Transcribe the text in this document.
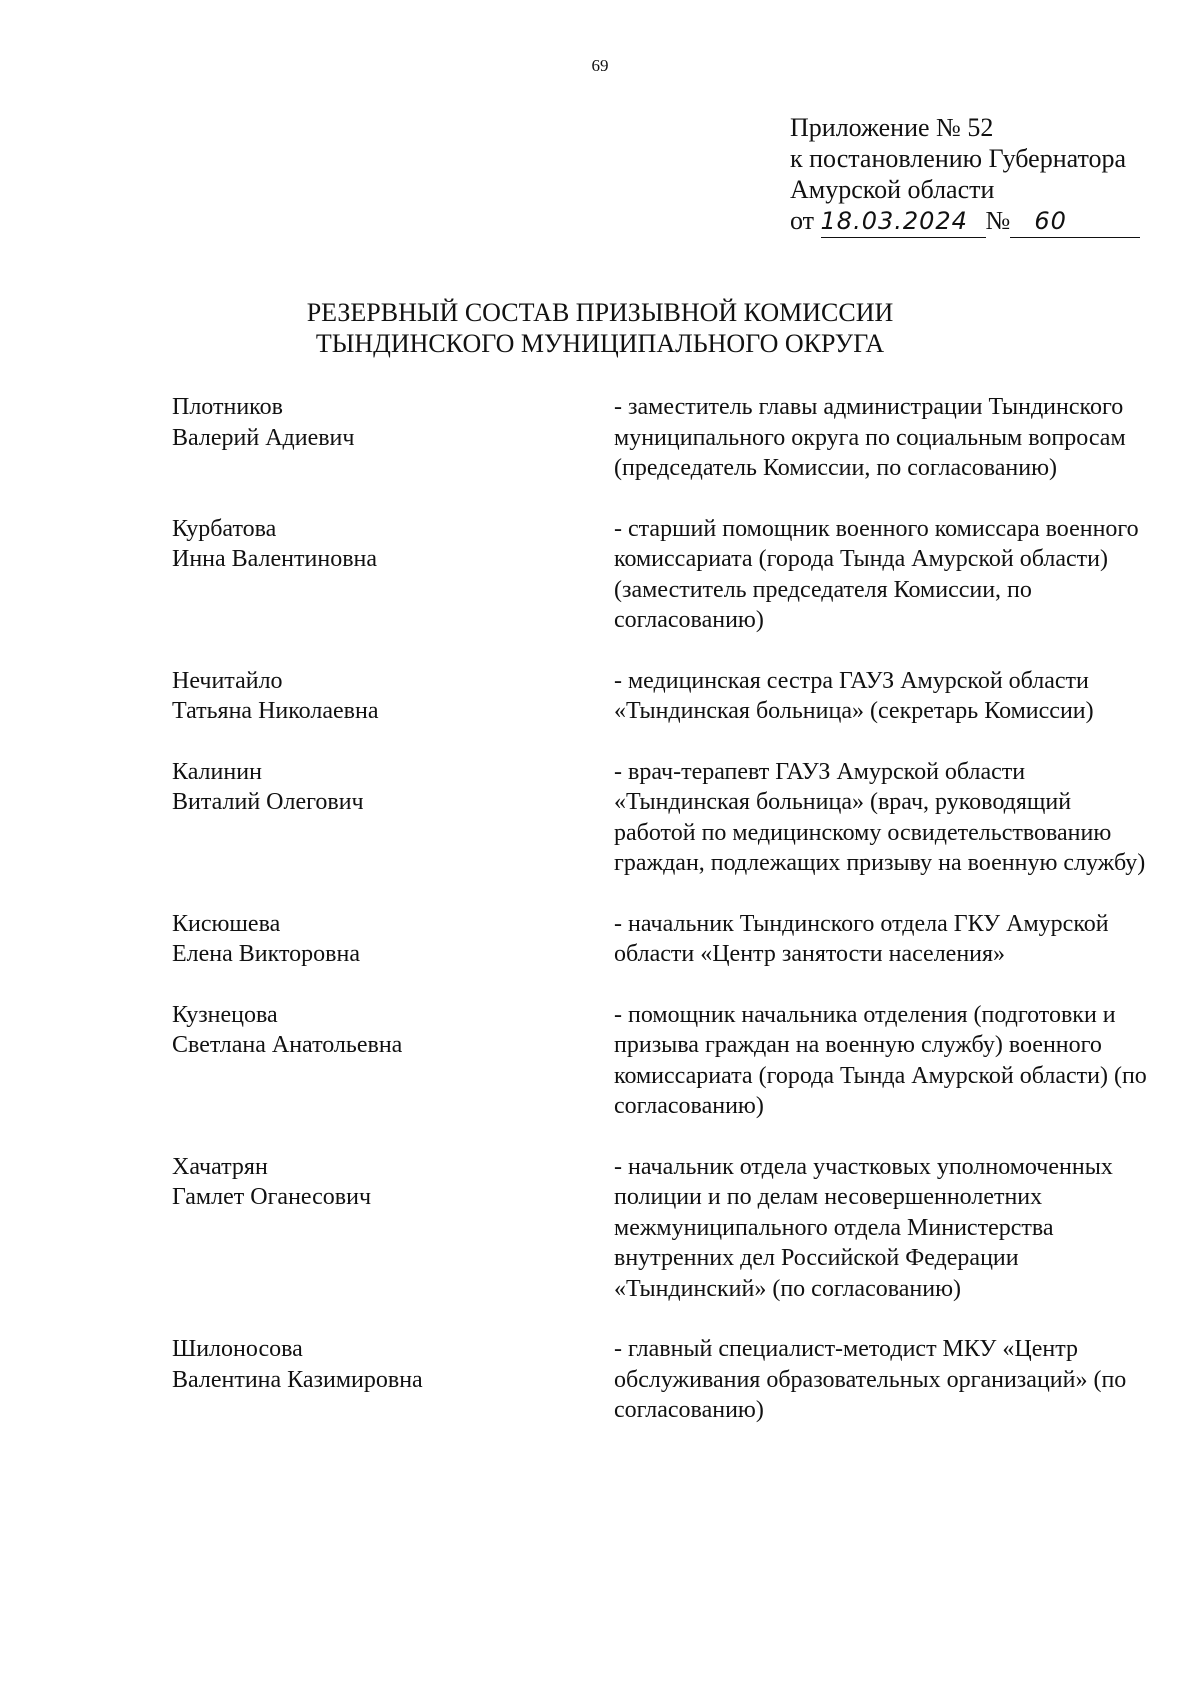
69
Приложение № 52
к постановлению Губернатора
Амурской области
от 18.03.2024 № 60
РЕЗЕРВНЫЙ СОСТАВ ПРИЗЫВНОЙ КОМИССИИ
ТЫНДИНСКОГО МУНИЦИПАЛЬНОГО ОКРУГА
Плотников
Валерий Адиевич
- заместитель главы администрации Тындинского муниципального округа по социальным вопросам (председатель Комиссии, по согласованию)
Курбатова
Инна Валентиновна
- старший помощник военного комиссара военного комиссариата (города Тында Амурской области) (заместитель председателя Комиссии, по согласованию)
Нечитайло
Татьяна Николаевна
- медицинская сестра ГАУЗ Амурской области «Тындинская больница» (секретарь Комиссии)
Калинин
Виталий Олегович
- врач-терапевт ГАУЗ Амурской области «Тындинская больница» (врач, руководящий работой по медицинскому освидетельствованию граждан, подлежащих призыву на военную службу)
Кисюшева
Елена Викторовна
- начальник Тындинского отдела ГКУ Амурской области «Центр занятости населения»
Кузнецова
Светлана Анатольевна
- помощник начальника отделения (подготовки и призыва граждан на военную службу) военного комиссариата (города Тында Амурской области) (по согласованию)
Хачатрян
Гамлет Оганесович
- начальник отдела участковых уполномоченных полиции и по делам несовершеннолетних межмуниципального отдела Министерства внутренних дел Российской Федерации «Тындинский» (по согласованию)
Шилоносова
Валентина Казимировна
- главный специалист-методист МКУ «Центр обслуживания образовательных организаций» (по согласованию)
